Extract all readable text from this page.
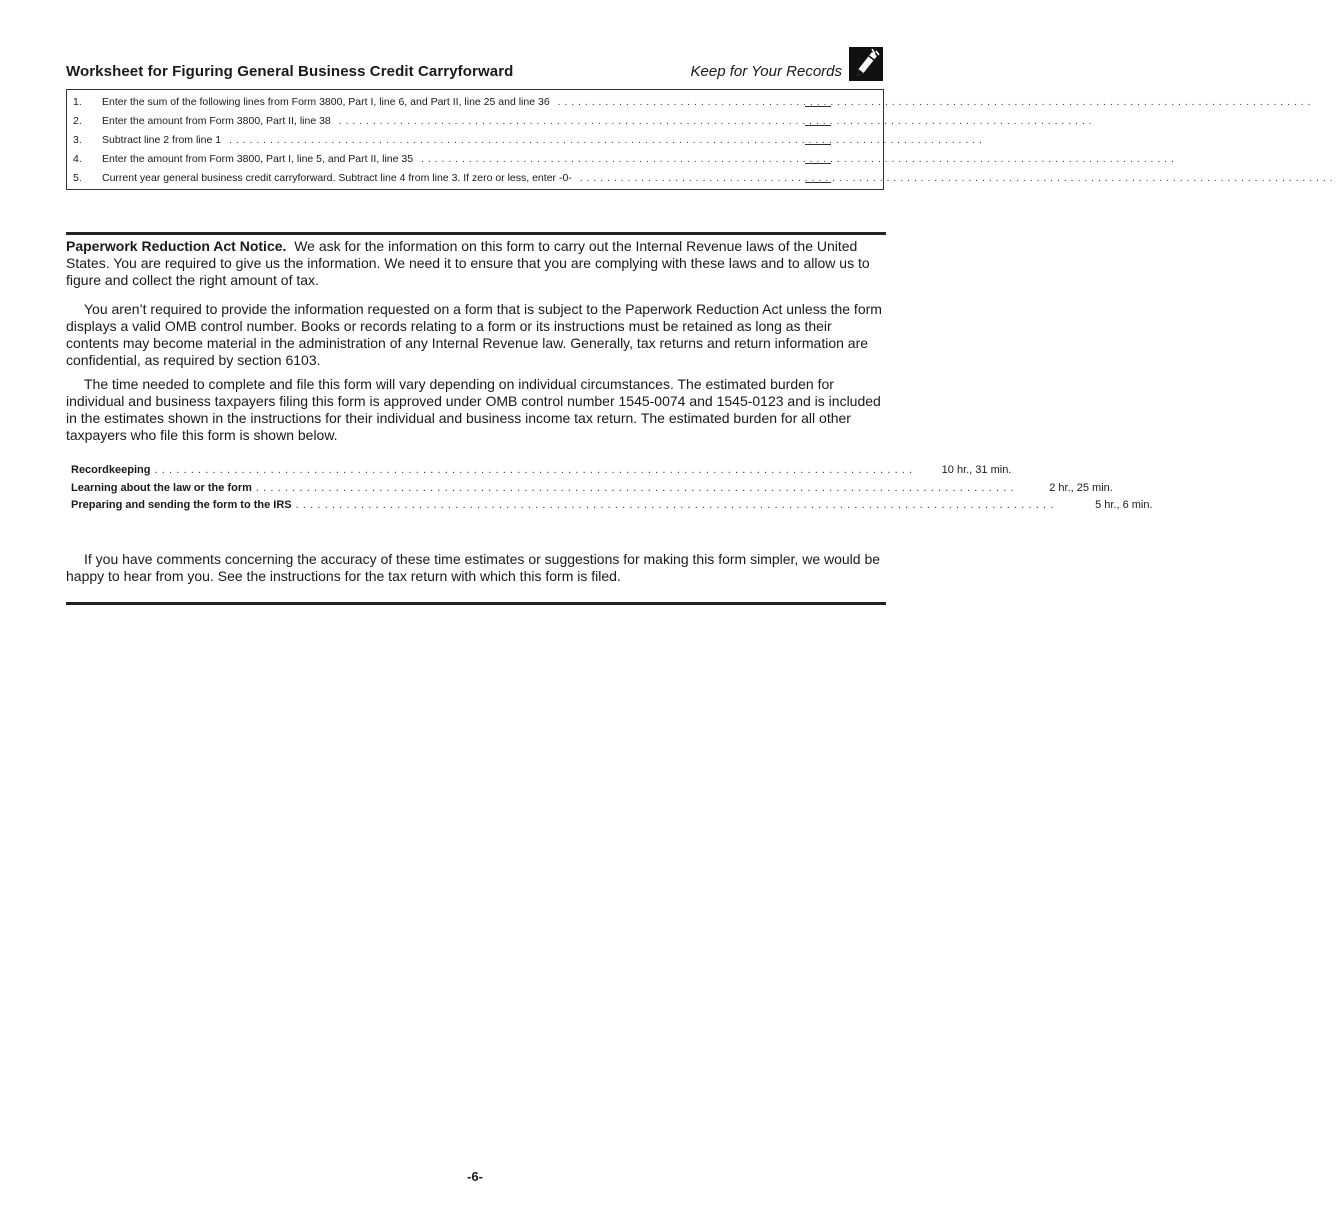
Worksheet for Figuring General Business Credit Carryforward	Keep for Your Records
1. Enter the sum of the following lines from Form 3800, Part I, line 6, and Part II, line 25 and line 36 ...............................................................................................................
2. Enter the amount from Form 3800, Part II, line 38 ...............................................................................................................
3. Subtract line 2 from line 1 ...............................................................................................................
4. Enter the amount from Form 3800, Part I, line 5, and Part II, line 35 ...............................................................................................................
5. Current year general business credit carryforward. Subtract line 4 from line 3. If zero or less, enter -0- ...............................................................................................................

Paperwork Reduction Act Notice. We ask for the information on this form to carry out the Internal Revenue laws of the United States. You are required to give us the information. We need it to ensure that you are complying with these laws and to allow us to figure and collect the right amount of tax.

You aren’t required to provide the information requested on a form that is subject to the Paperwork Reduction Act unless the form displays a valid OMB control number. Books or records relating to a form or its instructions must be retained as long as their contents may become material in the administration of any Internal Revenue law. Generally, tax returns and return information are confidential, as required by section 6103.

The time needed to complete and file this form will vary depending on individual circumstances. The estimated burden for individual and business taxpayers filing this form is approved under OMB control number 1545-0074 and 1545-0123 and is included in the estimates shown in the instructions for their individual and business income tax return. The estimated burden for all other taxpayers who file this form is shown below.

Recordkeeping .........................................................................................................	10 hr., 31 min.
Learning about the law or the form .........................................................................................................	2 hr., 25 min.
Preparing and sending the form to the IRS .........................................................................................................	5 hr., 6 min.

If you have comments concerning the accuracy of these time estimates or suggestions for making this form simpler, we would be happy to hear from you. See the instructions for the tax return with which this form is filed.

-6-
